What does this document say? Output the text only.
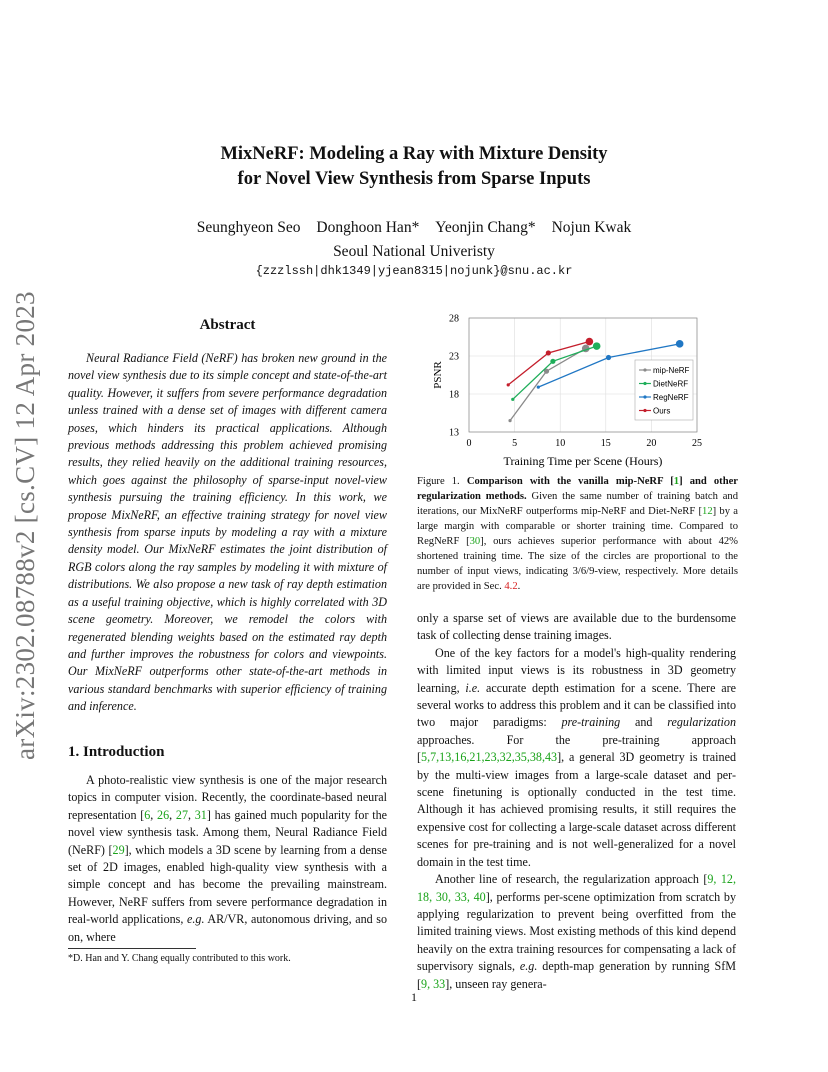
arXiv:2302.08788v2 [cs.CV] 12 Apr 2023
MixNeRF: Modeling a Ray with Mixture Density
for Novel View Synthesis from Sparse Inputs
Seunghyeon Seo Donghoon Han* Yeonjin Chang* Nojun Kwak
Seoul National Univeristy
{zzzlssh|dhk1349|yjean8315|nojunk}@snu.ac.kr
Abstract
Neural Radiance Field (NeRF) has broken new ground in the novel view synthesis due to its simple concept and state-of-the-art quality. However, it suffers from severe performance degradation unless trained with a dense set of images with different camera poses, which hinders its practical applications. Although previous methods addressing this problem achieved promising results, they relied heavily on the additional training resources, which goes against the philosophy of sparse-input novel-view synthesis pursuing the training efficiency. In this work, we propose MixNeRF, an effective training strategy for novel view synthesis from sparse inputs by modeling a ray with a mixture density model. Our MixNeRF estimates the joint distribution of RGB colors along the ray samples by modeling it with mixture of distributions. We also propose a new task of ray depth estimation as a useful training objective, which is highly correlated with 3D scene geometry. Moreover, we remodel the colors with regenerated blending weights based on the estimated ray depth and further improves the robustness for colors and viewpoints. Our MixNeRF outperforms other state-of-the-art methods in various standard benchmarks with superior efficiency of training and inference.
1. Introduction

A photo-realistic view synthesis is one of the major research topics in computer vision. Recently, the coordinate-based neural representation [6, 26, 27, 31] has gained much popularity for the novel view synthesis task. Among them, Neural Radiance Field (NeRF) [29], which models a 3D scene by learning from a dense set of 2D images, enabled high-quality view synthesis with a simple concept and has become the prevailing mainstream. However, NeRF suffers from severe performance degradation in real-world applications, e.g. AR/VR, autonomous driving, and so on, where

*D. Han and Y. Chang equally contributed to this work.
1
0	5	10	15	20	25
13
18
23
28
Training Time per Scene (Hours)
PSNR	mip-NeRF
DietNeRF
RegNeRF
Ours
Figure 1. Comparison with the vanilla mip-NeRF [1] and other regularization methods. Given the same number of training batch and iterations, our MixNeRF outperforms mip-NeRF and Diet-NeRF [12] by a large margin with comparable or shorter training time. Compared to RegNeRF [30], ours achieves superior performance with about 42% shortened training time. The size of the circles are proportional to the number of input views, indicating 3/6/9-view, respectively. More details are provided in Sec. 4.2.

only a sparse set of views are available due to the burdensome task of collecting dense training images.

One of the key factors for a model's high-quality rendering with limited input views is its robustness in 3D geometry learning, i.e. accurate depth estimation for a scene. There are several works to address this problem and it can be classified into two major paradigms: pre-training and regularization approaches. For the pre-training approach [5,7,13,16,21,23,32,35,38,43], a general 3D geometry is trained by the multi-view images from a large-scale dataset and per-scene finetuning is optionally conducted in the test time. Although it has achieved promising results, it still requires the expensive cost for collecting a large-scale dataset across different scenes for pre-training and is not well-generalized for a novel domain in the test time.

Another line of research, the regularization approach [9, 12, 18, 30, 33, 40], performs per-scene optimization from scratch by applying regularization to prevent being overfitted from the limited training views. Most existing methods of this kind depend heavily on the extra training resources for compensating a lack of supervisory signals, e.g. depth-map generation by running SfM [9, 33], unseen ray genera-
